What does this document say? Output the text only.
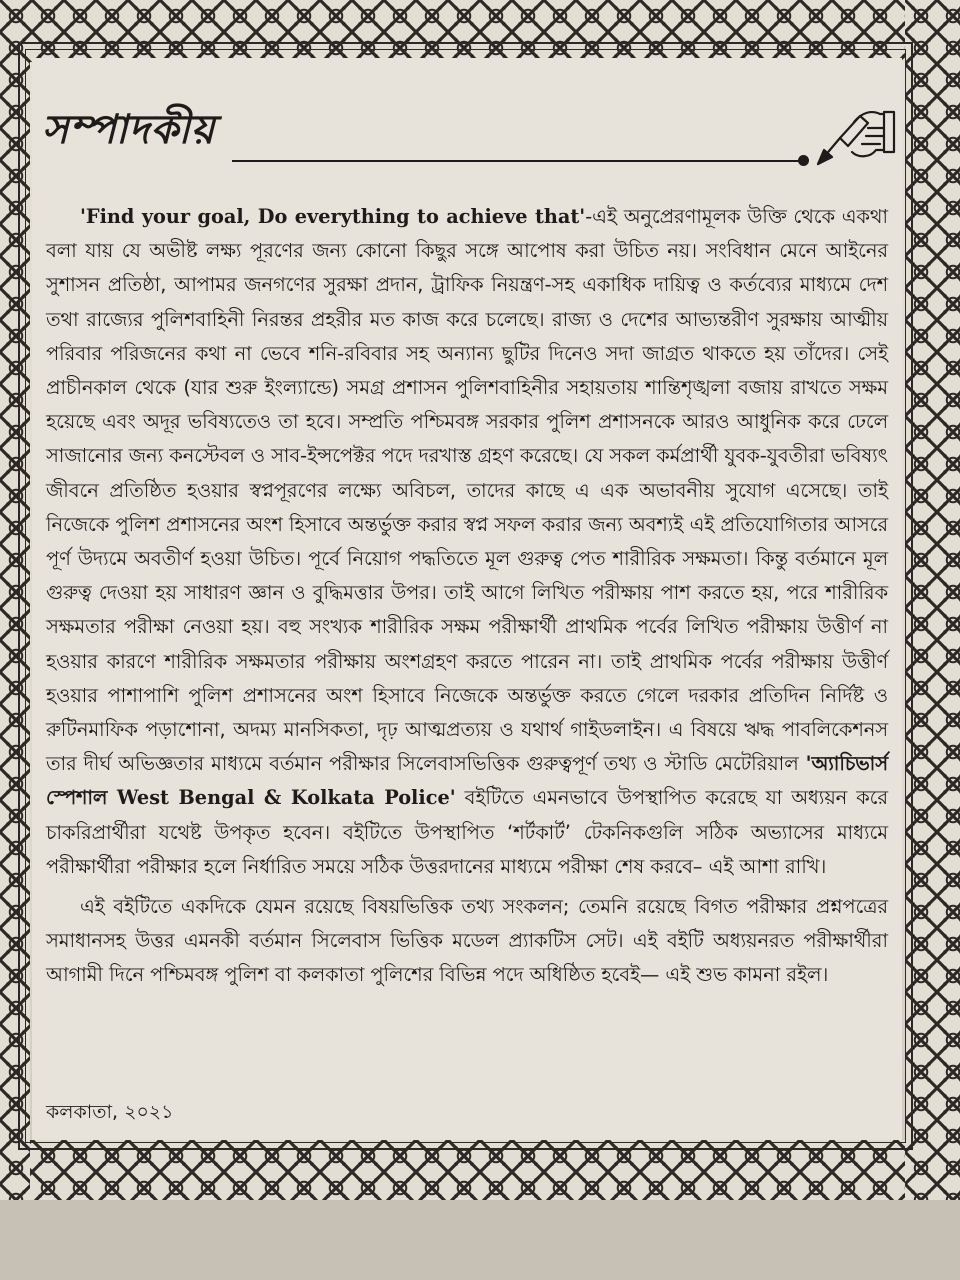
সম্পাদকীয়

'Find your goal, Do everything to achieve that'-এই অনুপ্রেরণামূলক উক্তি থেকে একথা বলা যায় যে অভীষ্ট লক্ষ্য পূরণের জন্য কোনো কিছুর সঙ্গে আপোষ করা উচিত নয়। সংবিধান মেনে আইনের সুশাসন প্রতিষ্ঠা, আপামর জনগণের সুরক্ষা প্রদান, ট্রাফিক নিয়ন্ত্রণ-সহ একাধিক দায়িত্ব ও কর্তব্যের মাধ্যমে দেশ তথা রাজ্যের পুলিশবাহিনী নিরন্তর প্রহরীর মত কাজ করে চলেছে। রাজ্য ও দেশের আভ্যন্তরীণ সুরক্ষায় আত্মীয় পরিবার পরিজনের কথা না ভেবে শনি-রবিবার সহ অন্যান্য ছুটির দিনেও সদা জাগ্রত থাকতে হয় তাঁদের। সেই প্রাচীনকাল থেকে (যার শুরু ইংল্যান্ডে) সমগ্র প্রশাসন পুলিশবাহিনীর সহায়তায় শান্তিশৃঙ্খলা বজায় রাখতে সক্ষম হয়েছে এবং অদূর ভবিষ্যতেও তা হবে। সম্প্রতি পশ্চিমবঙ্গ সরকার পুলিশ প্রশাসনকে আরও আধুনিক করে ঢেলে সাজানোর জন্য কনস্টেবল ও সাব-ইন্সপেক্টর পদে দরখাস্ত গ্রহণ করেছে। যে সকল কর্মপ্রার্থী যুবক-যুবতীরা ভবিষ্যৎ জীবনে প্রতিষ্ঠিত হওয়ার স্বপ্নপূরণের লক্ষ্যে অবিচল, তাদের কাছে এ এক অভাবনীয় সুযোগ এসেছে। তাই নিজেকে পুলিশ প্রশাসনের অংশ হিসাবে অন্তর্ভুক্ত করার স্বপ্ন সফল করার জন্য অবশ্যই এই প্রতিযোগিতার আসরে পূর্ণ উদ্যমে অবতীর্ণ হওয়া উচিত। পূর্বে নিয়োগ পদ্ধতিতে মূল গুরুত্ব পেত শারীরিক সক্ষমতা। কিন্তু বর্তমানে মূল গুরুত্ব দেওয়া হয় সাধারণ জ্ঞান ও বুদ্ধিমত্তার উপর। তাই আগে লিখিত পরীক্ষায় পাশ করতে হয়, পরে শারীরিক সক্ষমতার পরীক্ষা নেওয়া হয়। বহু সংখ্যক শারীরিক সক্ষম পরীক্ষার্থী প্রাথমিক পর্বের লিখিত পরীক্ষায় উত্তীর্ণ না হওয়ার কারণে শারীরিক সক্ষমতার পরীক্ষায় অংশগ্রহণ করতে পারেন না। তাই প্রাথমিক পর্বের পরীক্ষায় উত্তীর্ণ হওয়ার পাশাপাশি পুলিশ প্রশাসনের অংশ হিসাবে নিজেকে অন্তর্ভুক্ত করতে গেলে দরকার প্রতিদিন নির্দিষ্ট ও রুটিনমাফিক পড়াশোনা, অদম্য মানসিকতা, দৃঢ় আত্মপ্রত্যয় ও যথার্থ গাইডলাইন। এ বিষয়ে ঋদ্ধ পাবলিকেশনস তার দীর্ঘ অভিজ্ঞতার মাধ্যমে বর্তমান পরীক্ষার সিলেবাসভিত্তিক গুরুত্বপূর্ণ তথ্য ও স্টাডি মেটেরিয়াল 'অ্যাচিভার্স স্পেশাল West Bengal & Kolkata Police' বইটিতে এমনভাবে উপস্থাপিত করেছে যা অধ্যয়ন করে চাকরিপ্রার্থীরা যথেষ্ট উপকৃত হবেন। বইটিতে উপস্থাপিত ‘শর্টকার্ট’ টেকনিকগুলি সঠিক অভ্যাসের মাধ্যমে পরীক্ষার্থীরা পরীক্ষার হলে নির্ধারিত সময়ে সঠিক উত্তরদানের মাধ্যমে পরীক্ষা শেষ করবে– এই আশা রাখি।

এই বইটিতে একদিকে যেমন রয়েছে বিষয়ভিত্তিক তথ্য সংকলন; তেমনি রয়েছে বিগত পরীক্ষার প্রশ্নপত্রের সমাধানসহ উত্তর এমনকী বর্তমান সিলেবাস ভিত্তিক মডেল প্র্যাকটিস সেট। এই বইটি অধ্যয়নরত পরীক্ষার্থীরা আগামী দিনে পশ্চিমবঙ্গ পুলিশ বা কলকাতা পুলিশের বিভিন্ন পদে অধিষ্ঠিত হবেই— এই শুভ কামনা রইল।

কলকাতা, ২০২১
